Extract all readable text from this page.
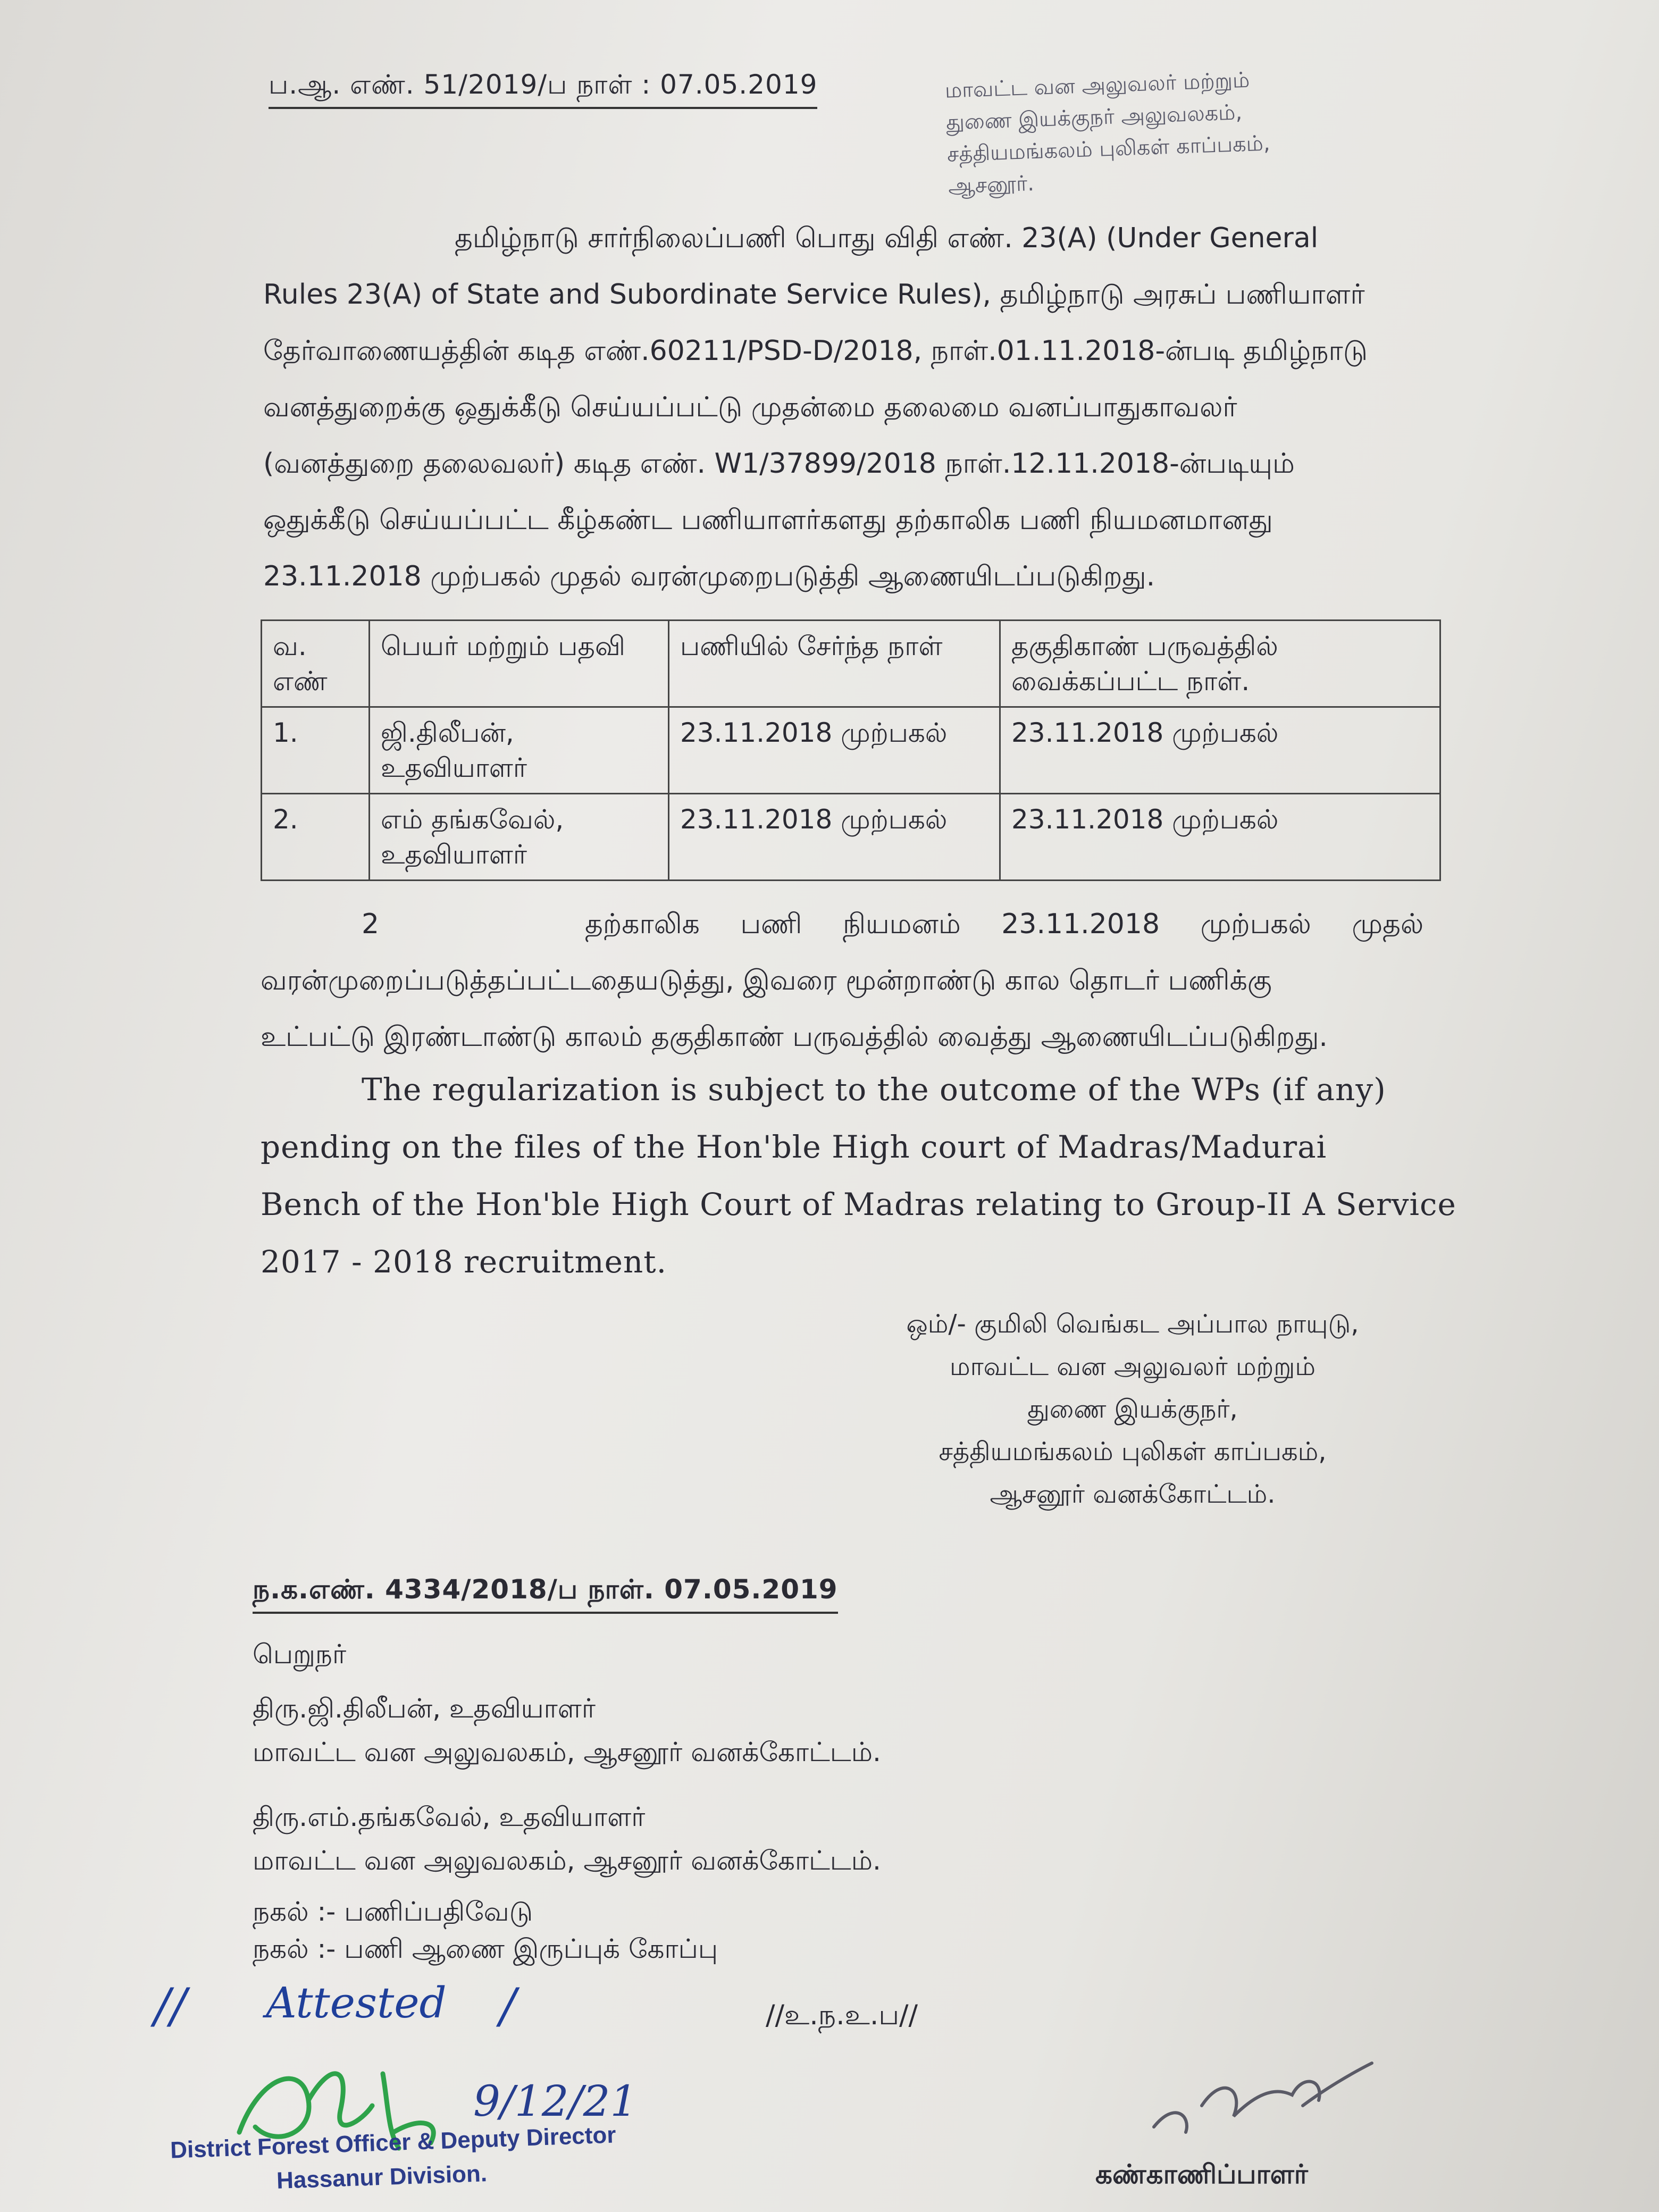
ப.ஆ. எண். 51/2019/ப நாள் : 07.05.2019	மாவட்ட வன அலுவலர் மற்றும்
துணை இயக்குநர் அலுவலகம்,
சத்தியமங்கலம் புலிகள் காப்பகம்,
ஆசனூர்.
தமிழ்நாடு சார்நிலைப்பணி பொது விதி எண். 23(A) (Under General
Rules 23(A) of State and Subordinate Service Rules), தமிழ்நாடு அரசுப் பணியாளர்
தேர்வாணையத்தின் கடித எண்.60211/PSD-D/2018, நாள்.01.11.2018-ன்படி தமிழ்நாடு
வனத்துறைக்கு ஒதுக்கீடு செய்யப்பட்டு முதன்மை தலைமை வனப்பாதுகாவலர்
(வனத்துறை தலைவலர்) கடித எண். W1/37899/2018 நாள்.12.11.2018-ன்படியும்
ஒதுக்கீடு செய்யப்பட்ட கீழ்கண்ட பணியாளர்களது தற்காலிக பணி நியமனமானது
23.11.2018 முற்பகல் முதல் வரன்முறைபடுத்தி ஆணையிடப்படுகிறது.
வ. எண்	பெயர் மற்றும் பதவி	பணியில் சேர்ந்த நாள்	தகுதிகாண் பருவத்தில் வைக்கப்பட்ட நாள்.
1.	ஜி.திலீபன்,
உதவியாளர்	23.11.2018 முற்பகல்	23.11.2018 முற்பகல்
2.	எம் தங்கவேல்,
உதவியாளர்	23.11.2018 முற்பகல்	23.11.2018 முற்பகல்
2	தற்காலிக பணி நியமனம் 23.11.2018 முற்பகல் முதல்
வரன்முறைப்படுத்தப்பட்டதையடுத்து, இவரை மூன்றாண்டு கால தொடர் பணிக்கு
உட்பட்டு இரண்டாண்டு காலம் தகுதிகாண் பருவத்தில் வைத்து ஆணையிடப்படுகிறது.
The regularization is subject to the outcome of the WPs (if any)
pending on the files of the Hon'ble High court of Madras/Madurai
Bench of the Hon'ble High Court of Madras relating to Group-II A Service
2017 - 2018 recruitment.
ஒம்/- குமிலி வெங்கட அப்பால நாயுடு,
மாவட்ட வன அலுவலர் மற்றும்
துணை இயக்குநர்,
சத்தியமங்கலம் புலிகள் காப்பகம்,
ஆசனூர் வனக்கோட்டம்.
ந.க.எண். 4334/2018/ப நாள். 07.05.2019
பெறுநர்
திரு.ஜி.திலீபன், உதவியாளர்
மாவட்ட வன அலுவலகம், ஆசனூர் வனக்கோட்டம்.
திரு.எம்.தங்கவேல், உதவியாளர்
மாவட்ட வன அலுவலகம், ஆசனூர் வனக்கோட்டம்.
நகல் :- பணிப்பதிவேடு
நகல் :- பணி ஆணை இருப்புக் கோப்பு
// Attested /
9/12/21
District Forest Officer & Deputy Director
Hassanur Division.
//உ.ந.உ.ப//
கண்காணிப்பாளர்
